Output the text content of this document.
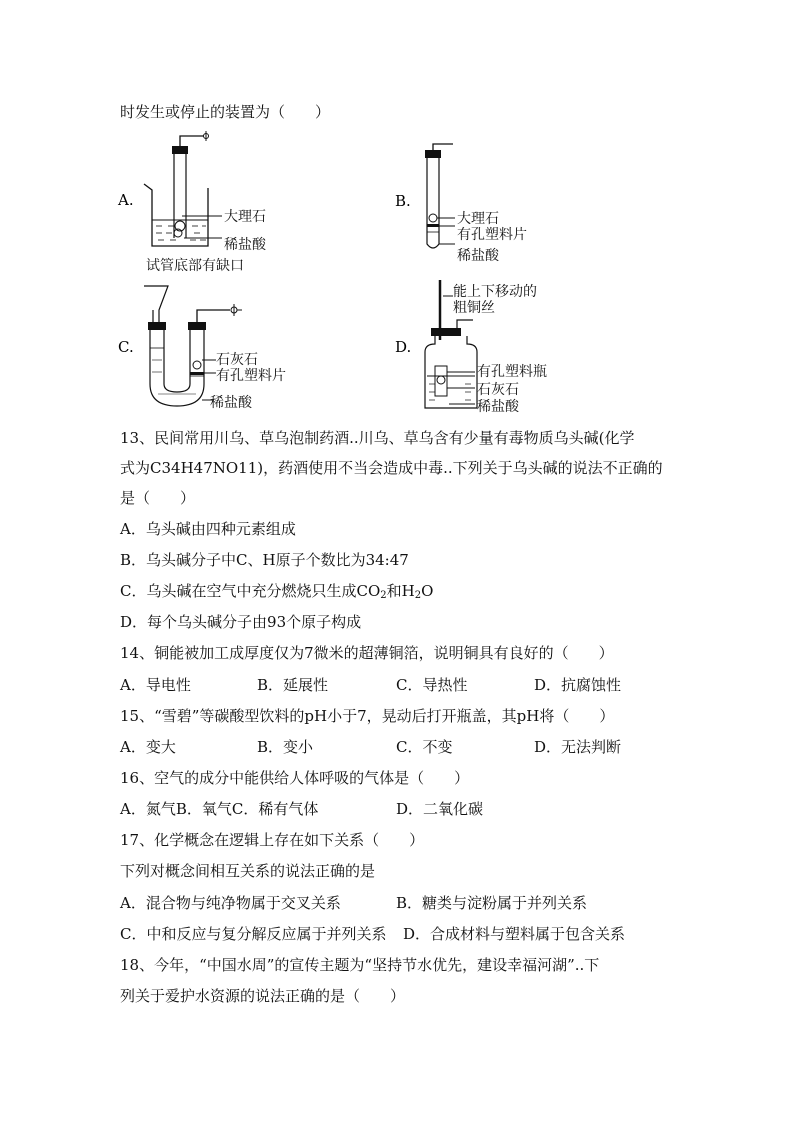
时发生或停止的装置为（　　）
A.
大理石
稀盐酸
试管底部有缺口
B.
大理石
有孔塑料片
稀盐酸
C.
石灰石
有孔塑料片
稀盐酸
D.
能上下移动的
粗铜丝
有孔塑料瓶
石灰石
稀盐酸
13、民间常用川乌、草乌泡制药酒..川乌、草乌含有少量有毒物质乌头碱(化学
式为C34H47NO11)，药酒使用不当会造成中毒..下列关于乌头碱的说法不正确的
是（　　）
A．乌头碱由四种元素组成
B．乌头碱分子中C、H原子个数比为34:47
C．乌头碱在空气中充分燃烧只生成$CO_2$和$H_2O$
D．每个乌头碱分子由93个原子构成
14、铜能被加工成厚度仅为7微米的超薄铜箔，说明铜具有良好的（　　）
A．导电性	B．延展性	C．导热性	D．抗腐蚀性
15、“雪碧”等碳酸型饮料的pH小于7，晃动后打开瓶盖，其pH将（　　）
A．变大	B．变小	C．不变	D．无法判断
16、空气的成分中能供给人体呼吸的气体是（　　）
A．氮气B．氧气C．稀有气体	D．二氧化碳
17、化学概念在逻辑上存在如下关系（　　）
下列对概念间相互关系的说法正确的是
A．混合物与纯净物属于交叉关系	B．糖类与淀粉属于并列关系
C．中和反应与复分解反应属于并列关系 D．合成材料与塑料属于包含关系
18、今年，“中国水周”的宣传主题为“坚持节水优先，建设幸福河湖”..下
列关于爱护水资源的说法正确的是（　　）
